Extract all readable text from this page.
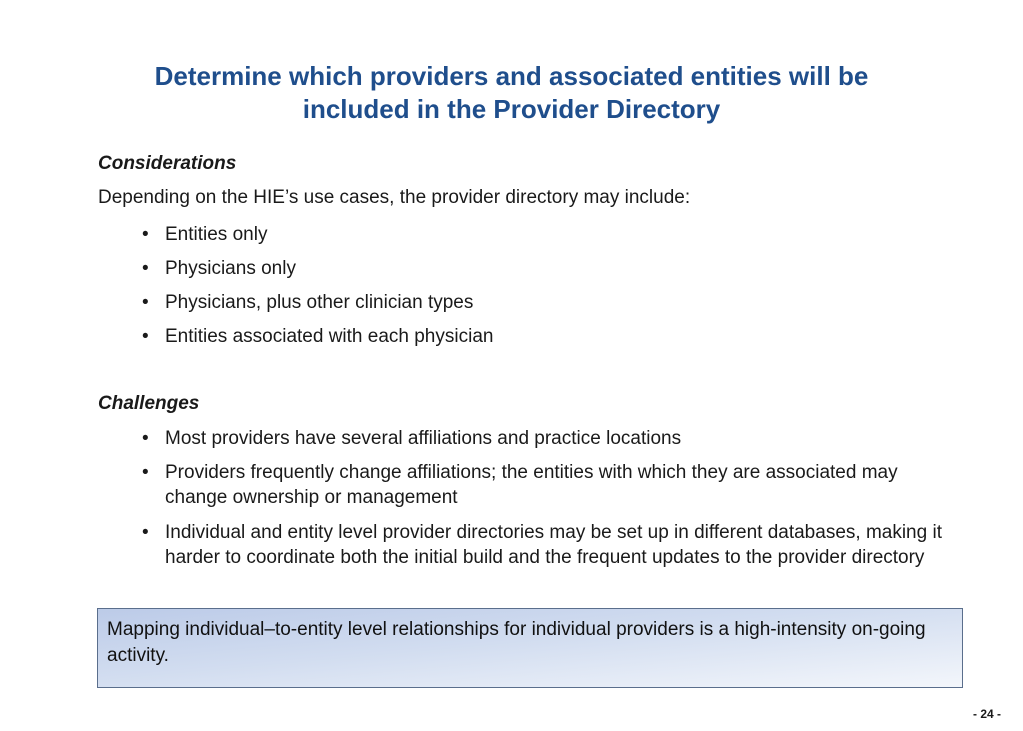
Determine which providers and associated entities will be
included in the Provider Directory
Considerations
Depending on the HIE’s use cases, the provider directory may include:
• Entities only
• Physicians only
• Physicians, plus other clinician types
• Entities associated with each physician
Challenges
• Most providers have several affiliations and practice locations
• Providers frequently change affiliations; the entities with which they are associated may change ownership or management
• Individual and entity level provider directories may be set up in different databases, making it harder to coordinate both the initial build and the frequent updates to the provider directory
Mapping individual–to-entity level relationships for individual providers is a high-intensity on-going activity.
- 24 -
